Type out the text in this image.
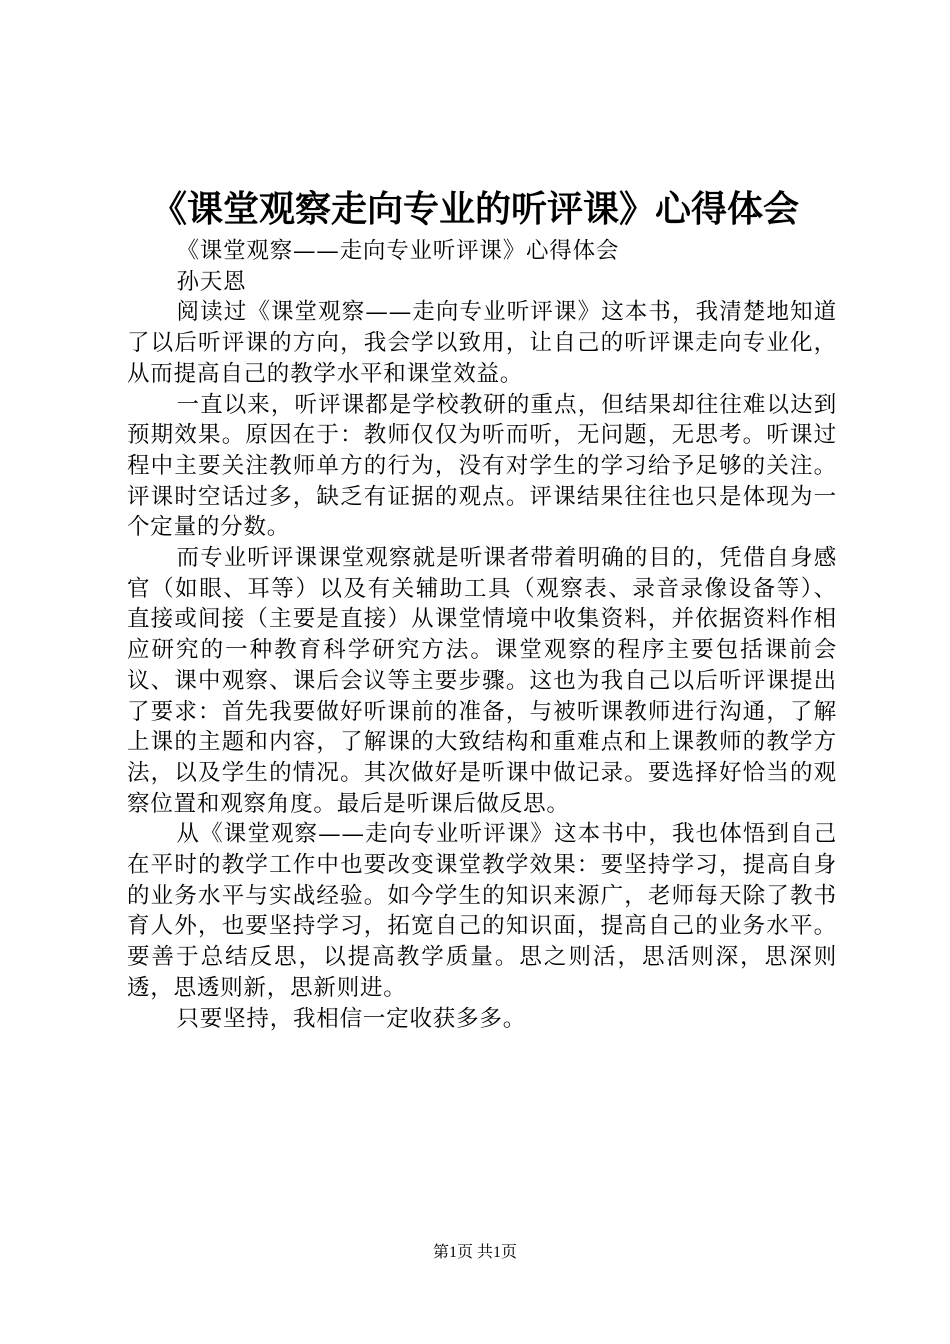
《课堂观察走向专业的听评课》心得体会

《课堂观察——走向专业听评课》心得体会

孙天恩

阅读过《课堂观察——走向专业听评课》这本书，我清楚地知道了以后听评课的方向，我会学以致用，让自己的听评课走向专业化，从而提高自己的教学水平和课堂效益。

一直以来，听评课都是学校教研的重点，但结果却往往难以达到预期效果。原因在于：教师仅仅为听而听，无问题，无思考。听课过程中主要关注教师单方的行为，没有对学生的学习给予足够的关注。评课时空话过多，缺乏有证据的观点。评课结果往往也只是体现为一个定量的分数。

而专业听评课课堂观察就是听课者带着明确的目的，凭借自身感官（如眼、耳等）以及有关辅助工具（观察表、录音录像设备等）、直接或间接（主要是直接）从课堂情境中收集资料，并依据资料作相应研究的一种教育科学研究方法。课堂观察的程序主要包括课前会议、课中观察、课后会议等主要步骤。这也为我自己以后听评课提出了要求：首先我要做好听课前的准备，与被听课教师进行沟通，了解上课的主题和内容，了解课的大致结构和重难点和上课教师的教学方法，以及学生的情况。其次做好是听课中做记录。要选择好恰当的观察位置和观察角度。最后是听课后做反思。

从《课堂观察——走向专业听评课》这本书中，我也体悟到自己在平时的教学工作中也要改变课堂教学效果：要坚持学习，提高自身的业务水平与实战经验。如今学生的知识来源广，老师每天除了教书育人外，也要坚持学习，拓宽自己的知识面，提高自己的业务水平。要善于总结反思，以提高教学质量。思之则活，思活则深，思深则透，思透则新，思新则进。

只要坚持，我相信一定收获多多。

第1页 共1页
